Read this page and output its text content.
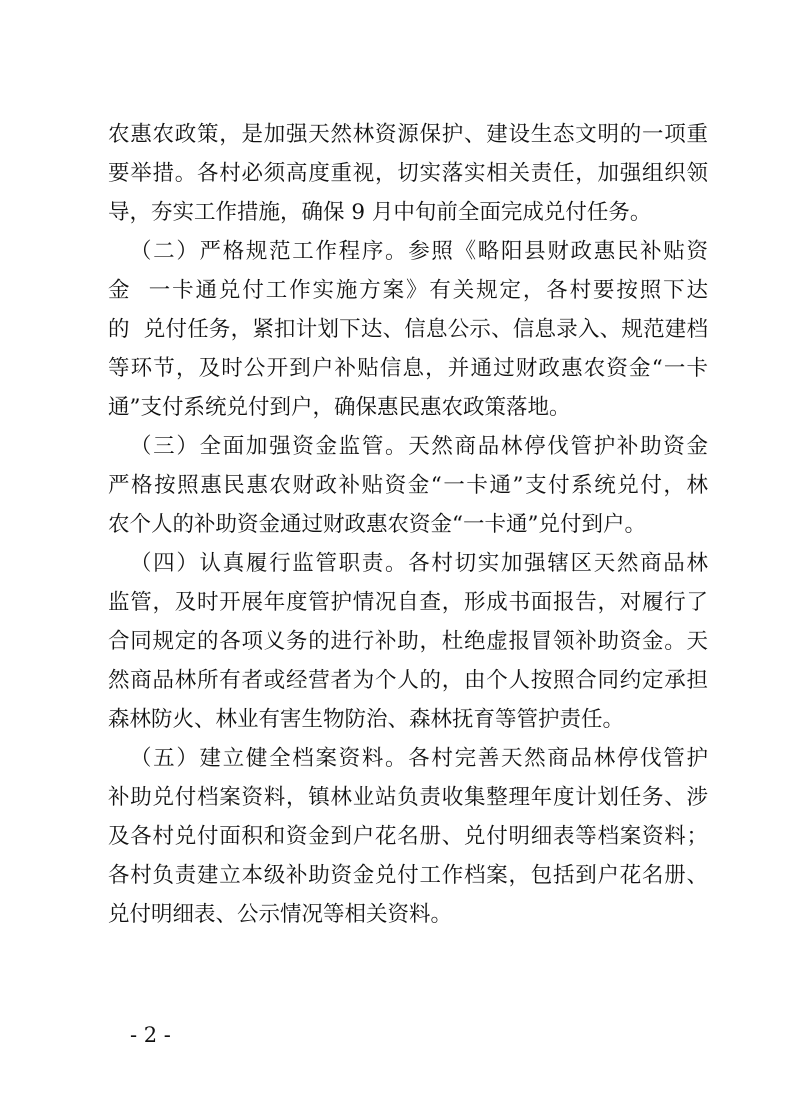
农惠农政策，是加强天然林资源保护、建设生态文明的一项重
要举措。各村必须高度重视，切实落实相关责任，加强组织领
导，夯实工作措施，确保 9 月中旬前全面完成兑付任务。
（二）严格规范工作程序。参照《略阳县财政惠民补贴资
金  一卡通兑付工作实施方案》有关规定，各村要按照下达
的  兑付任务，紧扣计划下达、信息公示、信息录入、规范建档
等环节，及时公开到户补贴信息，并通过财政惠农资金“一卡
通”支付系统兑付到户，确保惠民惠农政策落地。
（三）全面加强资金监管。天然商品林停伐管护补助资金
严格按照惠民惠农财政补贴资金“一卡通”支付系统兑付，林
农个人的补助资金通过财政惠农资金“一卡通”兑付到户。
（四）认真履行监管职责。各村切实加强辖区天然商品林
监管，及时开展年度管护情况自查，形成书面报告，对履行了
合同规定的各项义务的进行补助，杜绝虚报冒领补助资金。天
然商品林所有者或经营者为个人的，由个人按照合同约定承担
森林防火、林业有害生物防治、森林抚育等管护责任。
（五）建立健全档案资料。各村完善天然商品林停伐管护
补助兑付档案资料，镇林业站负责收集整理年度计划任务、涉
及各村兑付面积和资金到户花名册、兑付明细表等档案资料；
各村负责建立本级补助资金兑付工作档案，包括到户花名册、
兑付明细表、公示情况等相关资料。
- 2 -
